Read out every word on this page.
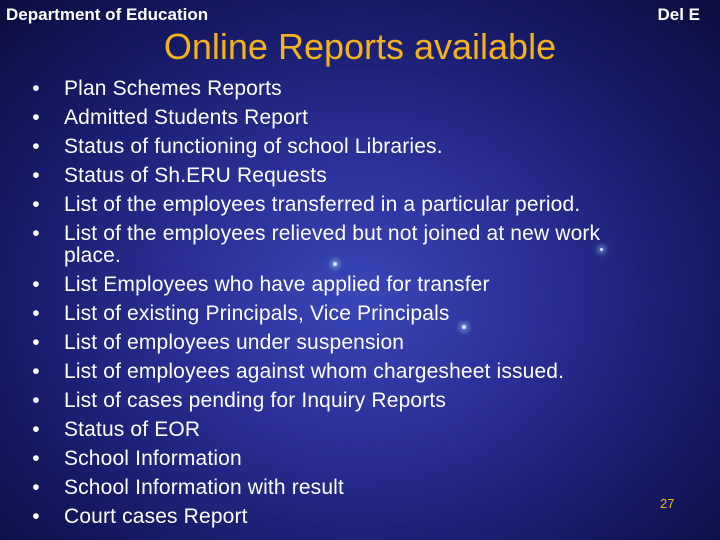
Department of Education	Del E
Online Reports available
• Plan Schemes Reports
• Admitted Students Report
• Status of functioning of school Libraries.
• Status of Sh.ERU Requests
• List of the employees transferred in a particular period.
• List of the employees relieved but not joined at new work place.
• List Employees who have applied for transfer
• List of existing Principals, Vice Principals
• List of employees under suspension
• List of employees against whom chargesheet issued.
• List of cases pending for Inquiry Reports
• Status of EOR
• School Information
• School Information with result
• Court cases Report
27
